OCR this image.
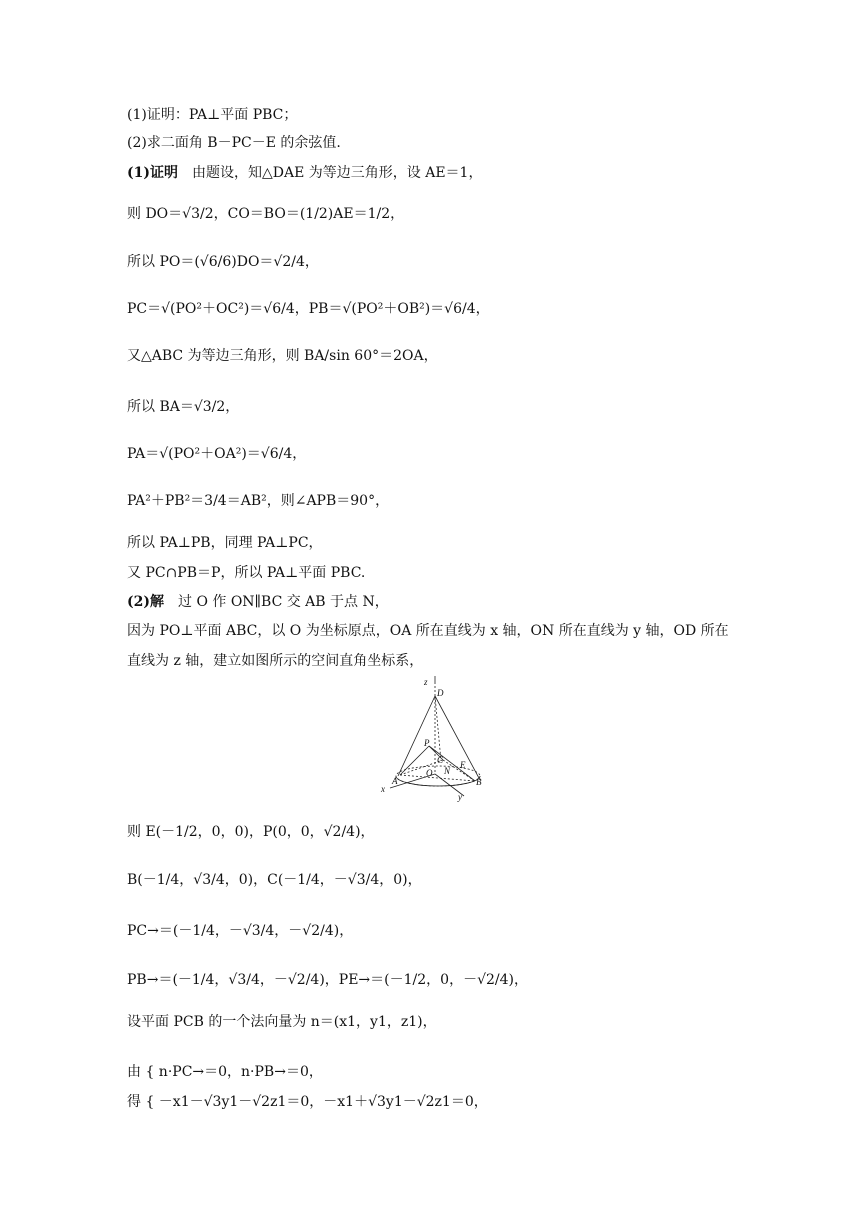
(1)证明：PA⊥平面 PBC；
(2)求二面角 B－PC－E 的余弦值.
(1)证明　由题设，知△DAE 为等边三角形，设 AE＝1，
则 DO＝√3/2，CO＝BO＝(1/2)AE＝1/2，
所以 PO＝(√6/6)DO＝√2/4，
PC＝√(PO²＋OC²)＝√6/4，PB＝√(PO²＋OB²)＝√6/4，
又△ABC 为等边三角形，则 BA/sin 60°＝2OA，
所以 BA＝√3/2，
PA＝√(PO²＋OA²)＝√6/4，
PA²＋PB²＝3/4＝AB²，则∠APB＝90°，
所以 PA⊥PB，同理 PA⊥PC，
又 PC∩PB＝P，所以 PA⊥平面 PBC.
(2)解　过 O 作 ON∥BC 交 AB 于点 N，
因为 PO⊥平面 ABC，以 O 为坐标原点，OA 所在直线为 x 轴，ON 所在直线为 y 轴，OD 所在直线为 z 轴，建立如图所示的空间直角坐标系，
z
D
P
C E
O N
B
A
x
y
则 E(－1/2，0，0)，P(0，0，√2/4)，
B(－1/4，√3/4，0)，C(－1/4，－√3/4，0)，
PC→＝(－1/4，－√3/4，－√2/4)，
PB→＝(－1/4，√3/4，－√2/4)，PE→＝(－1/2，0，－√2/4)，
设平面 PCB 的一个法向量为 n＝(x1，y1，z1)，
由 { n·PC→＝0，n·PB→＝0，
得 { －x1－√3y1－√2z1＝0，－x1＋√3y1－√2z1＝0，
